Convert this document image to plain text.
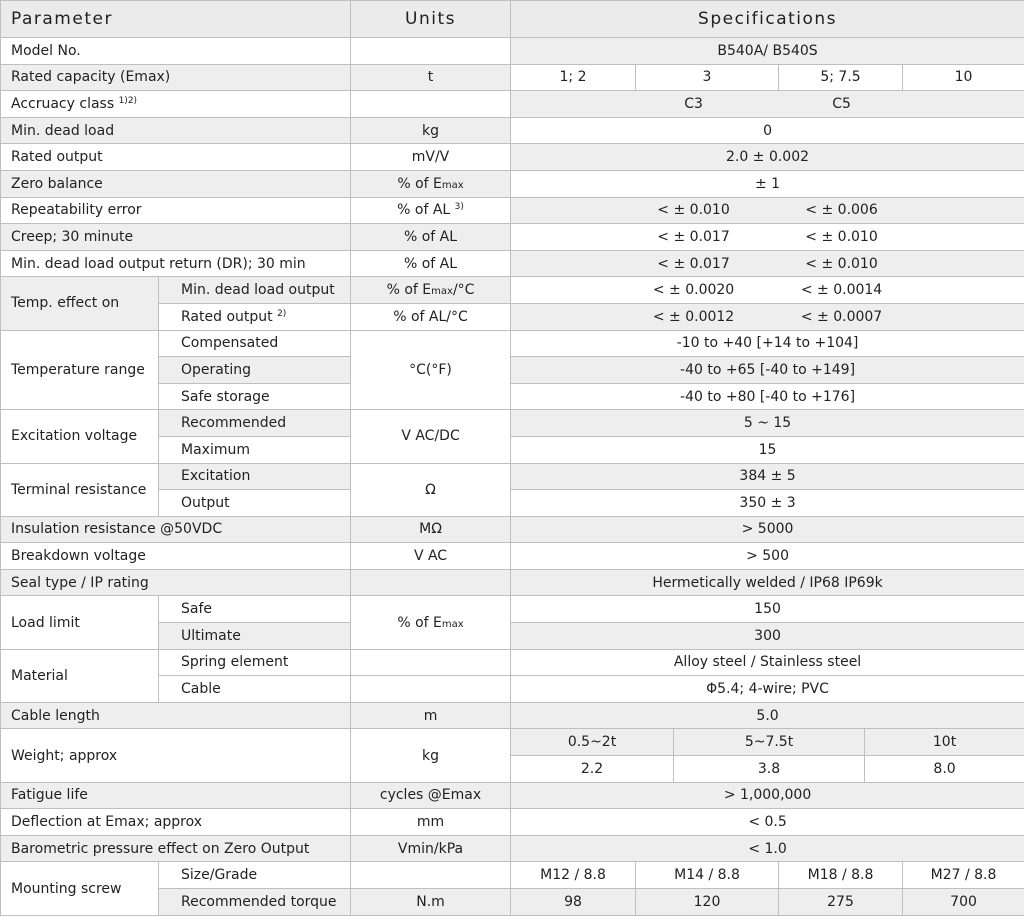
Parameter		Units	Specifications					
Model No.			B540A/ B540S					
Rated capacity (Emax)		t	1; 2	3		5; 7.5		10
Accruacy class $^{1)2)}$			C3 C5					
Min. dead load		kg	0					
Rated output		mV/V	2.0 ± 0.002					
Zero balance		% of Emax	± 1					
Repeatability error		% of AL $^{3)}$	< ± 0.010 < ± 0.006					
Creep; 30 minute		% of AL	< ± 0.017 < ± 0.010					
Min. dead load output return (DR); 30 min		% of AL	< ± 0.017 < ± 0.010					
Temp. effect on	Min. dead load output	% of Emax/°C	< ± 0.0020 < ± 0.0014					
	Rated output $^{2)}$	% of AL/°C	< ± 0.0012 < ± 0.0007					
Temperature range	Compensated	°C(°F)	-10 to +40 [+14 to +104]					
	Operating		-40 to +65 [-40 to +149]					
	Safe storage		-40 to +80 [-40 to +176]					
Excitation voltage	Recommended	V AC/DC	5 ~ 15					
	Maximum		15					
Terminal resistance	Excitation	Ω	384 ± 5					
	Output		350 ± 3					
Insulation resistance @50VDC		MΩ	> 5000					
Breakdown voltage		V AC	> 500					
Seal type / IP rating			Hermetically welded / IP68 IP69k					
Load limit	Safe	% of Emax	150					
	Ultimate		300					
Material	Spring element		Alloy steel / Stainless steel					
	Cable		Φ5.4; 4-wire; PVC					
Cable length		m	5.0					
Weight; approx		kg	0.5~2t		5~7.5t		10t	
			2.2		3.8		8.0	
Fatigue life		cycles @Emax	> 1,000,000					
Deflection at Emax; approx		mm	< 0.5					
Barometric pressure effect on Zero Output		Vmin/kPa	< 1.0					
Mounting screw	Size/Grade		M12 / 8.8	M14 / 8.8		M18 / 8.8		M27 / 8.8
	Recommended torque	N.m	98	120		275		700
